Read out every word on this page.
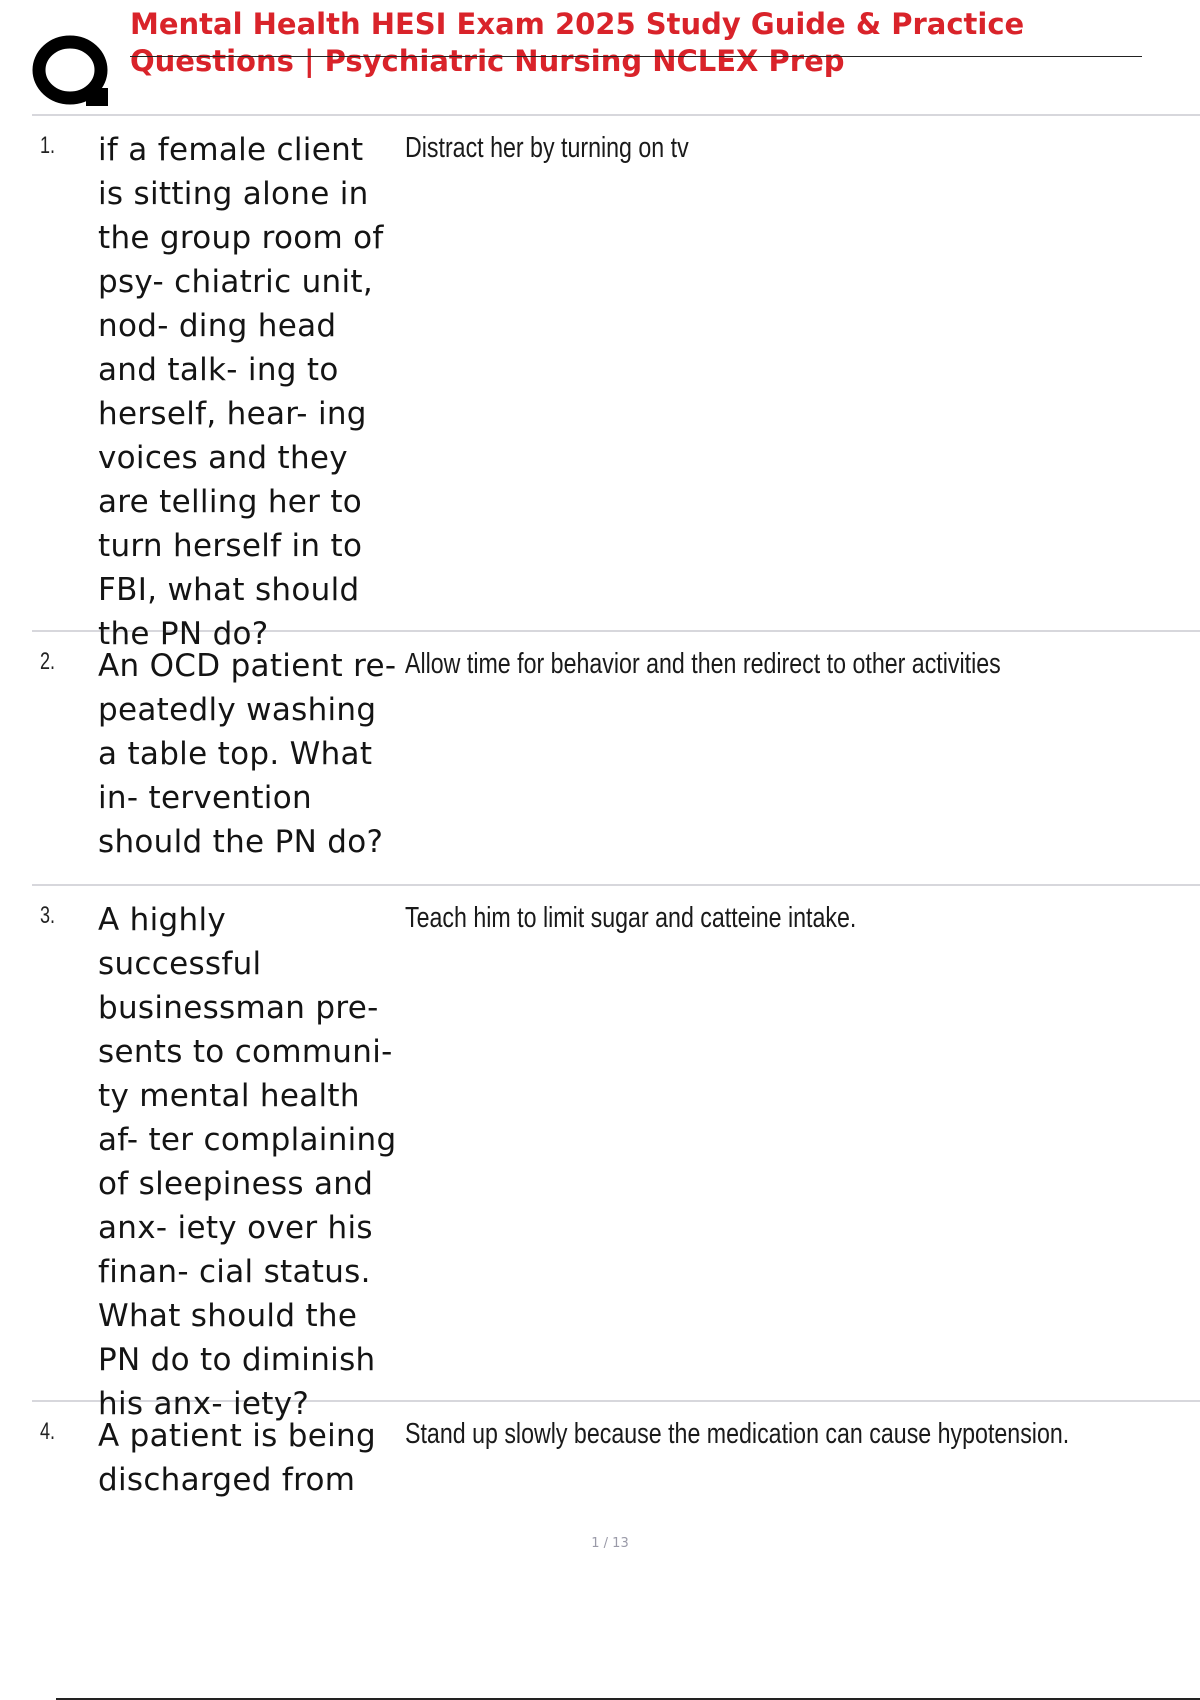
Mental Health HESI Exam 2025 Study Guide & Practice Questions | Psychiatric Nursing NCLEX Prep
1. if a female client is sitting alone in the group room of psy- chiatric unit, nod- ding head and talk- ing to herself, hear- ing voices and they are telling her to turn herself in to FBI, what should the PN do?

Distract her by turning on tv
2. An OCD patient re- peatedly washing a table top. What in- tervention should the PN do?

Allow time for behavior and then redirect to other activities
3. A highly successful businessman pre- sents to communi- ty mental health af- ter complaining of sleepiness and anx- iety over his finan- cial status. What should the PN do to diminish his anx- iety?

Teach him to limit sugar and catteine intake.
4. A patient is being discharged from

Stand up slowly because the medication can cause hypotension.
1 / 13
